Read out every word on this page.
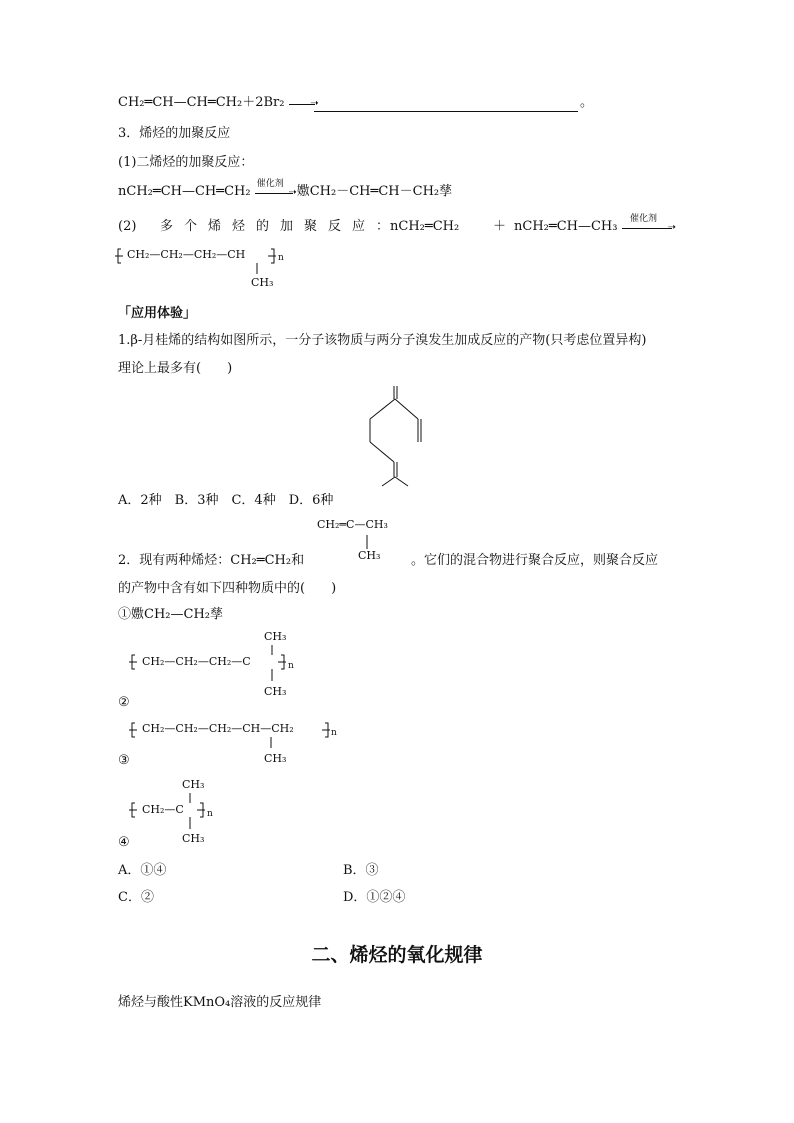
CH₂═CH—CH═CH₂＋2Br₂	➝	。
3．烯烃的加聚反应
(1)二烯烃的加聚反应：
nCH₂═CH—CH═CH₂
催化剂
➝ 嫐CH₂－CH═CH－CH₂孳
(2) 多个烯烃的加聚反应：
nCH₂═CH₂	＋ nCH₂═CH—CH₃
催化剂
➝
CH₂—CH₂—CH₂—CH	n
CH₃
「应用体验」
1.β-月桂烯的结构如图所示，一分子该物质与两分子溴发生加成反应的产物(只考虑位置异构)
理论上最多有(　　)
A．2种　B．3种　C．4种　D．6种
CH₂═C—CH₃
CH₃
2．现有两种烯烃：CH₂═CH₂和	。它们的混合物进行聚合反应，则聚合反应
的产物中含有如下四种物质中的(　　)
①嫐CH₂—CH₂孳
CH₃
CH₂—CH₂—CH₂—C	n
CH₃
②
CH₂—CH₂—CH₂—CH—CH₂	n
CH₃
③
CH₃
CH₂—C	n
CH₃
④
A．①④	B．③
C．②	D．①②④
二、烯烃的氧化规律
烯烃与酸性KMnO₄溶液的反应规律
